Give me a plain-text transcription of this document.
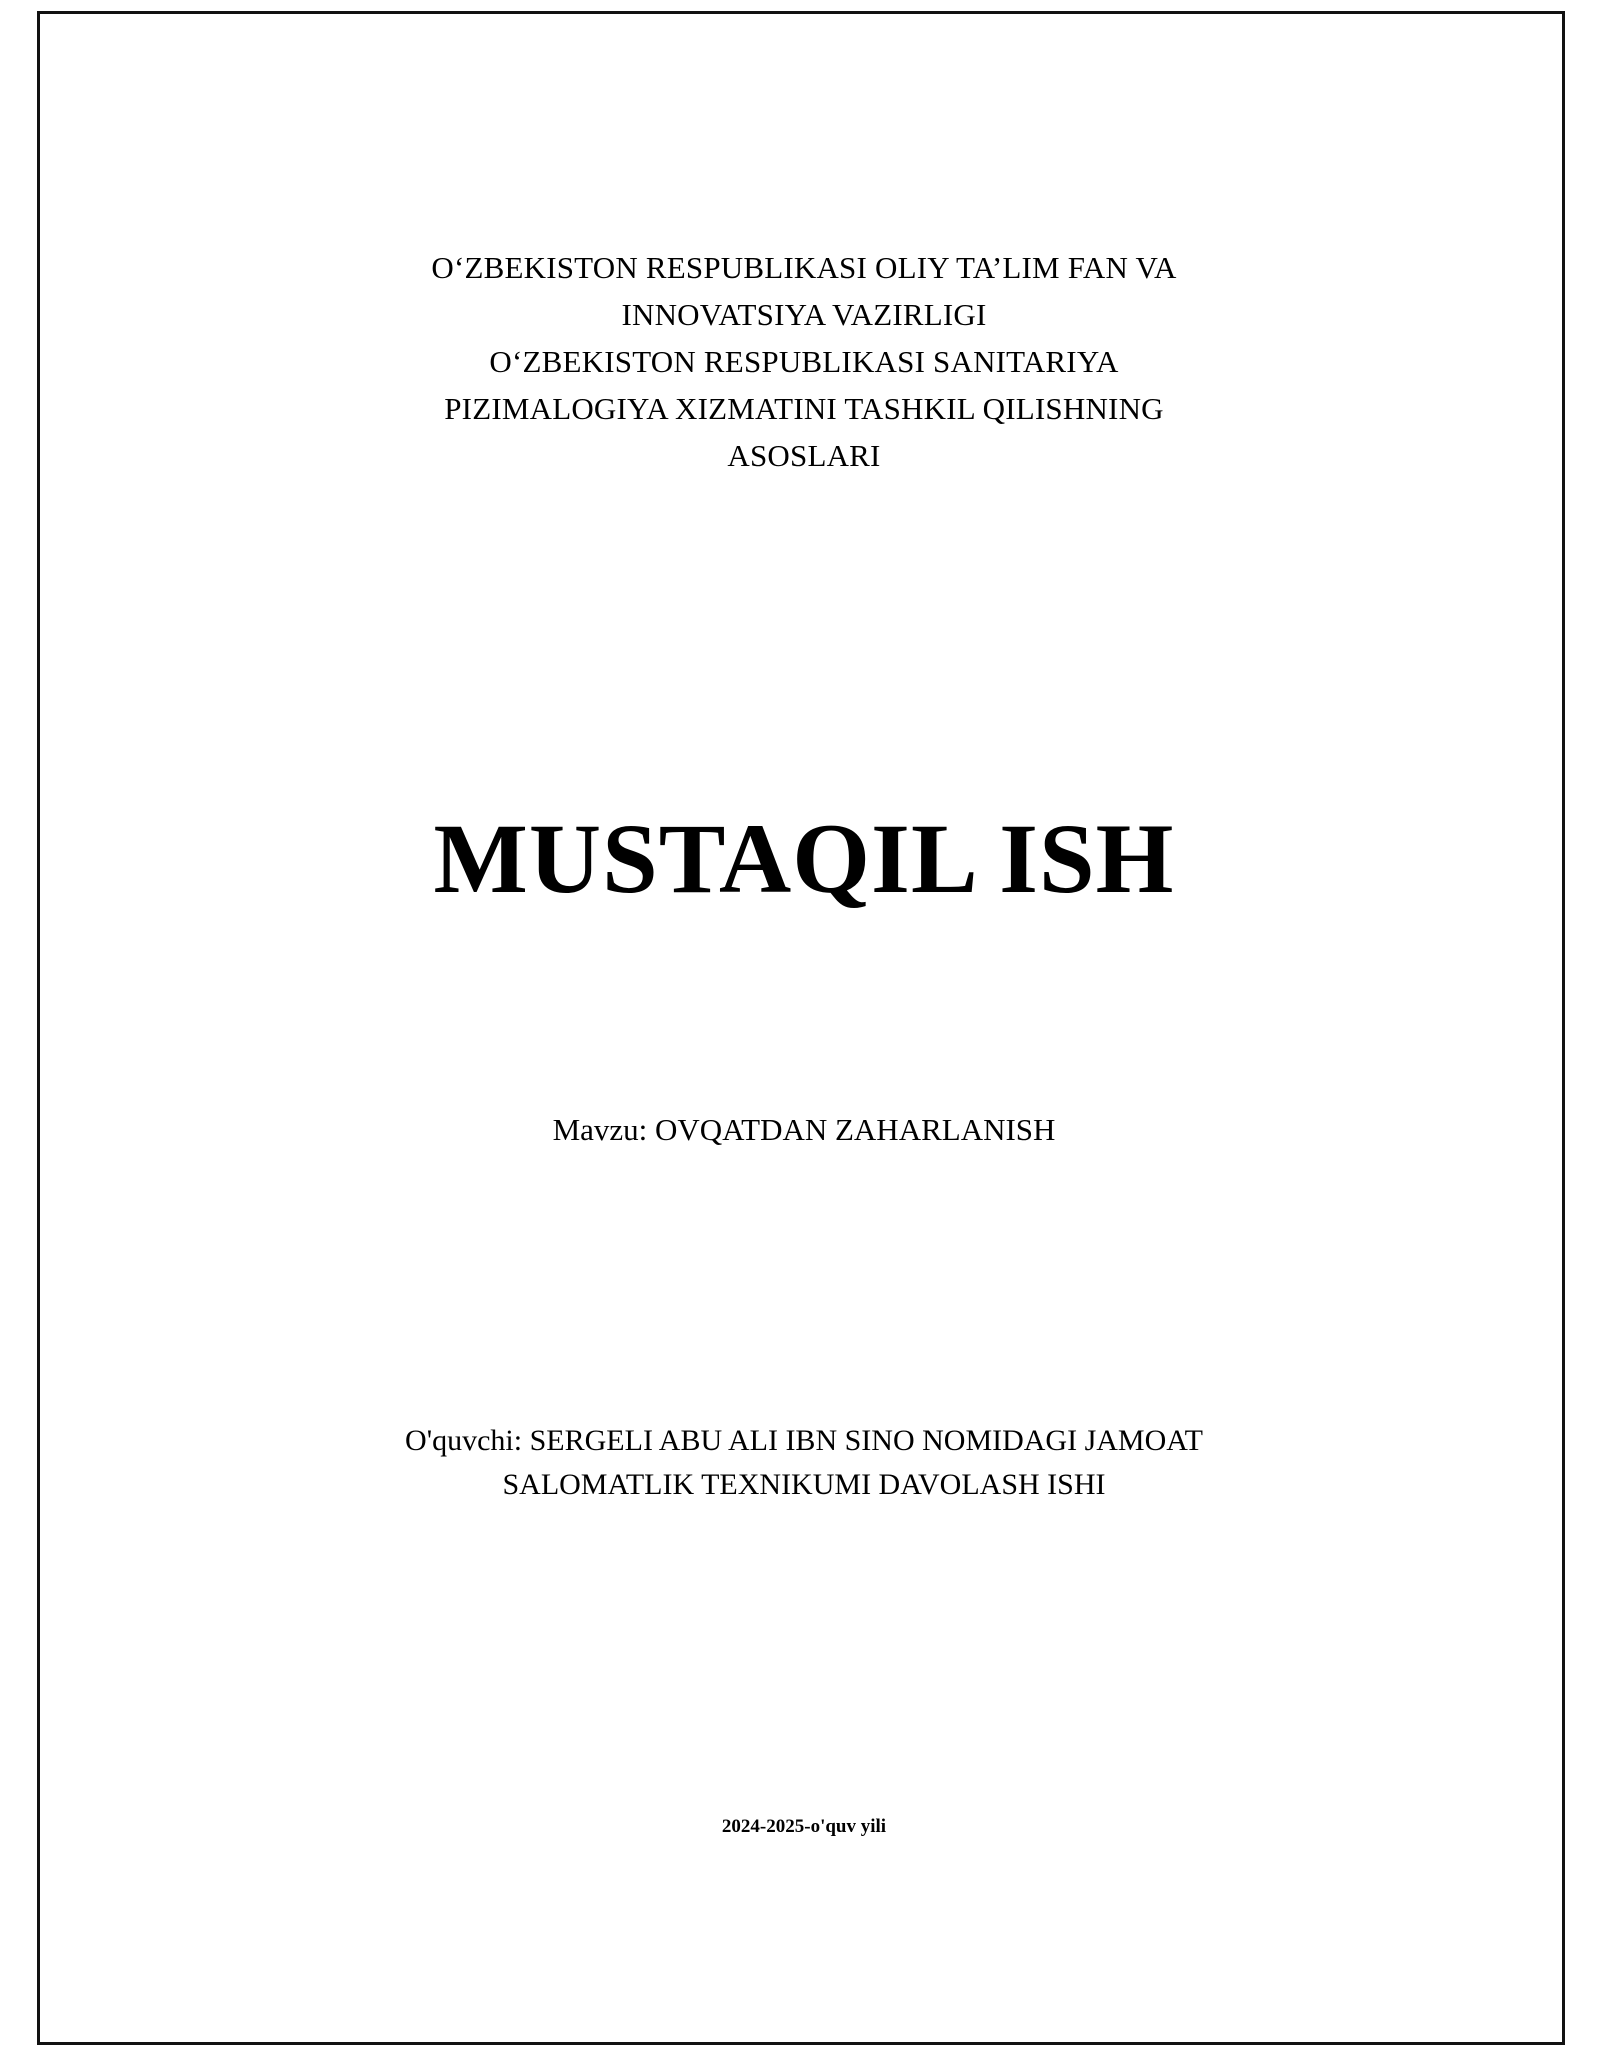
O‘ZBEKISTON RESPUBLIKASI OLIY TA’LIM FAN VA
INNOVATSIYA VAZIRLIGI
O‘ZBEKISTON RESPUBLIKASI SANITARIYA
PIZIMALOGIYA XIZMATINI TASHKIL QILISHNING
ASOSLARI
MUSTAQIL ISH
Mavzu: OVQATDAN ZAHARLANISH
O'quvchi: SERGELI ABU ALI IBN SINO NOMIDAGI JAMOAT
SALOMATLIK TEXNIKUMI DAVOLASH ISHI
2024-2025-o'quv yili
